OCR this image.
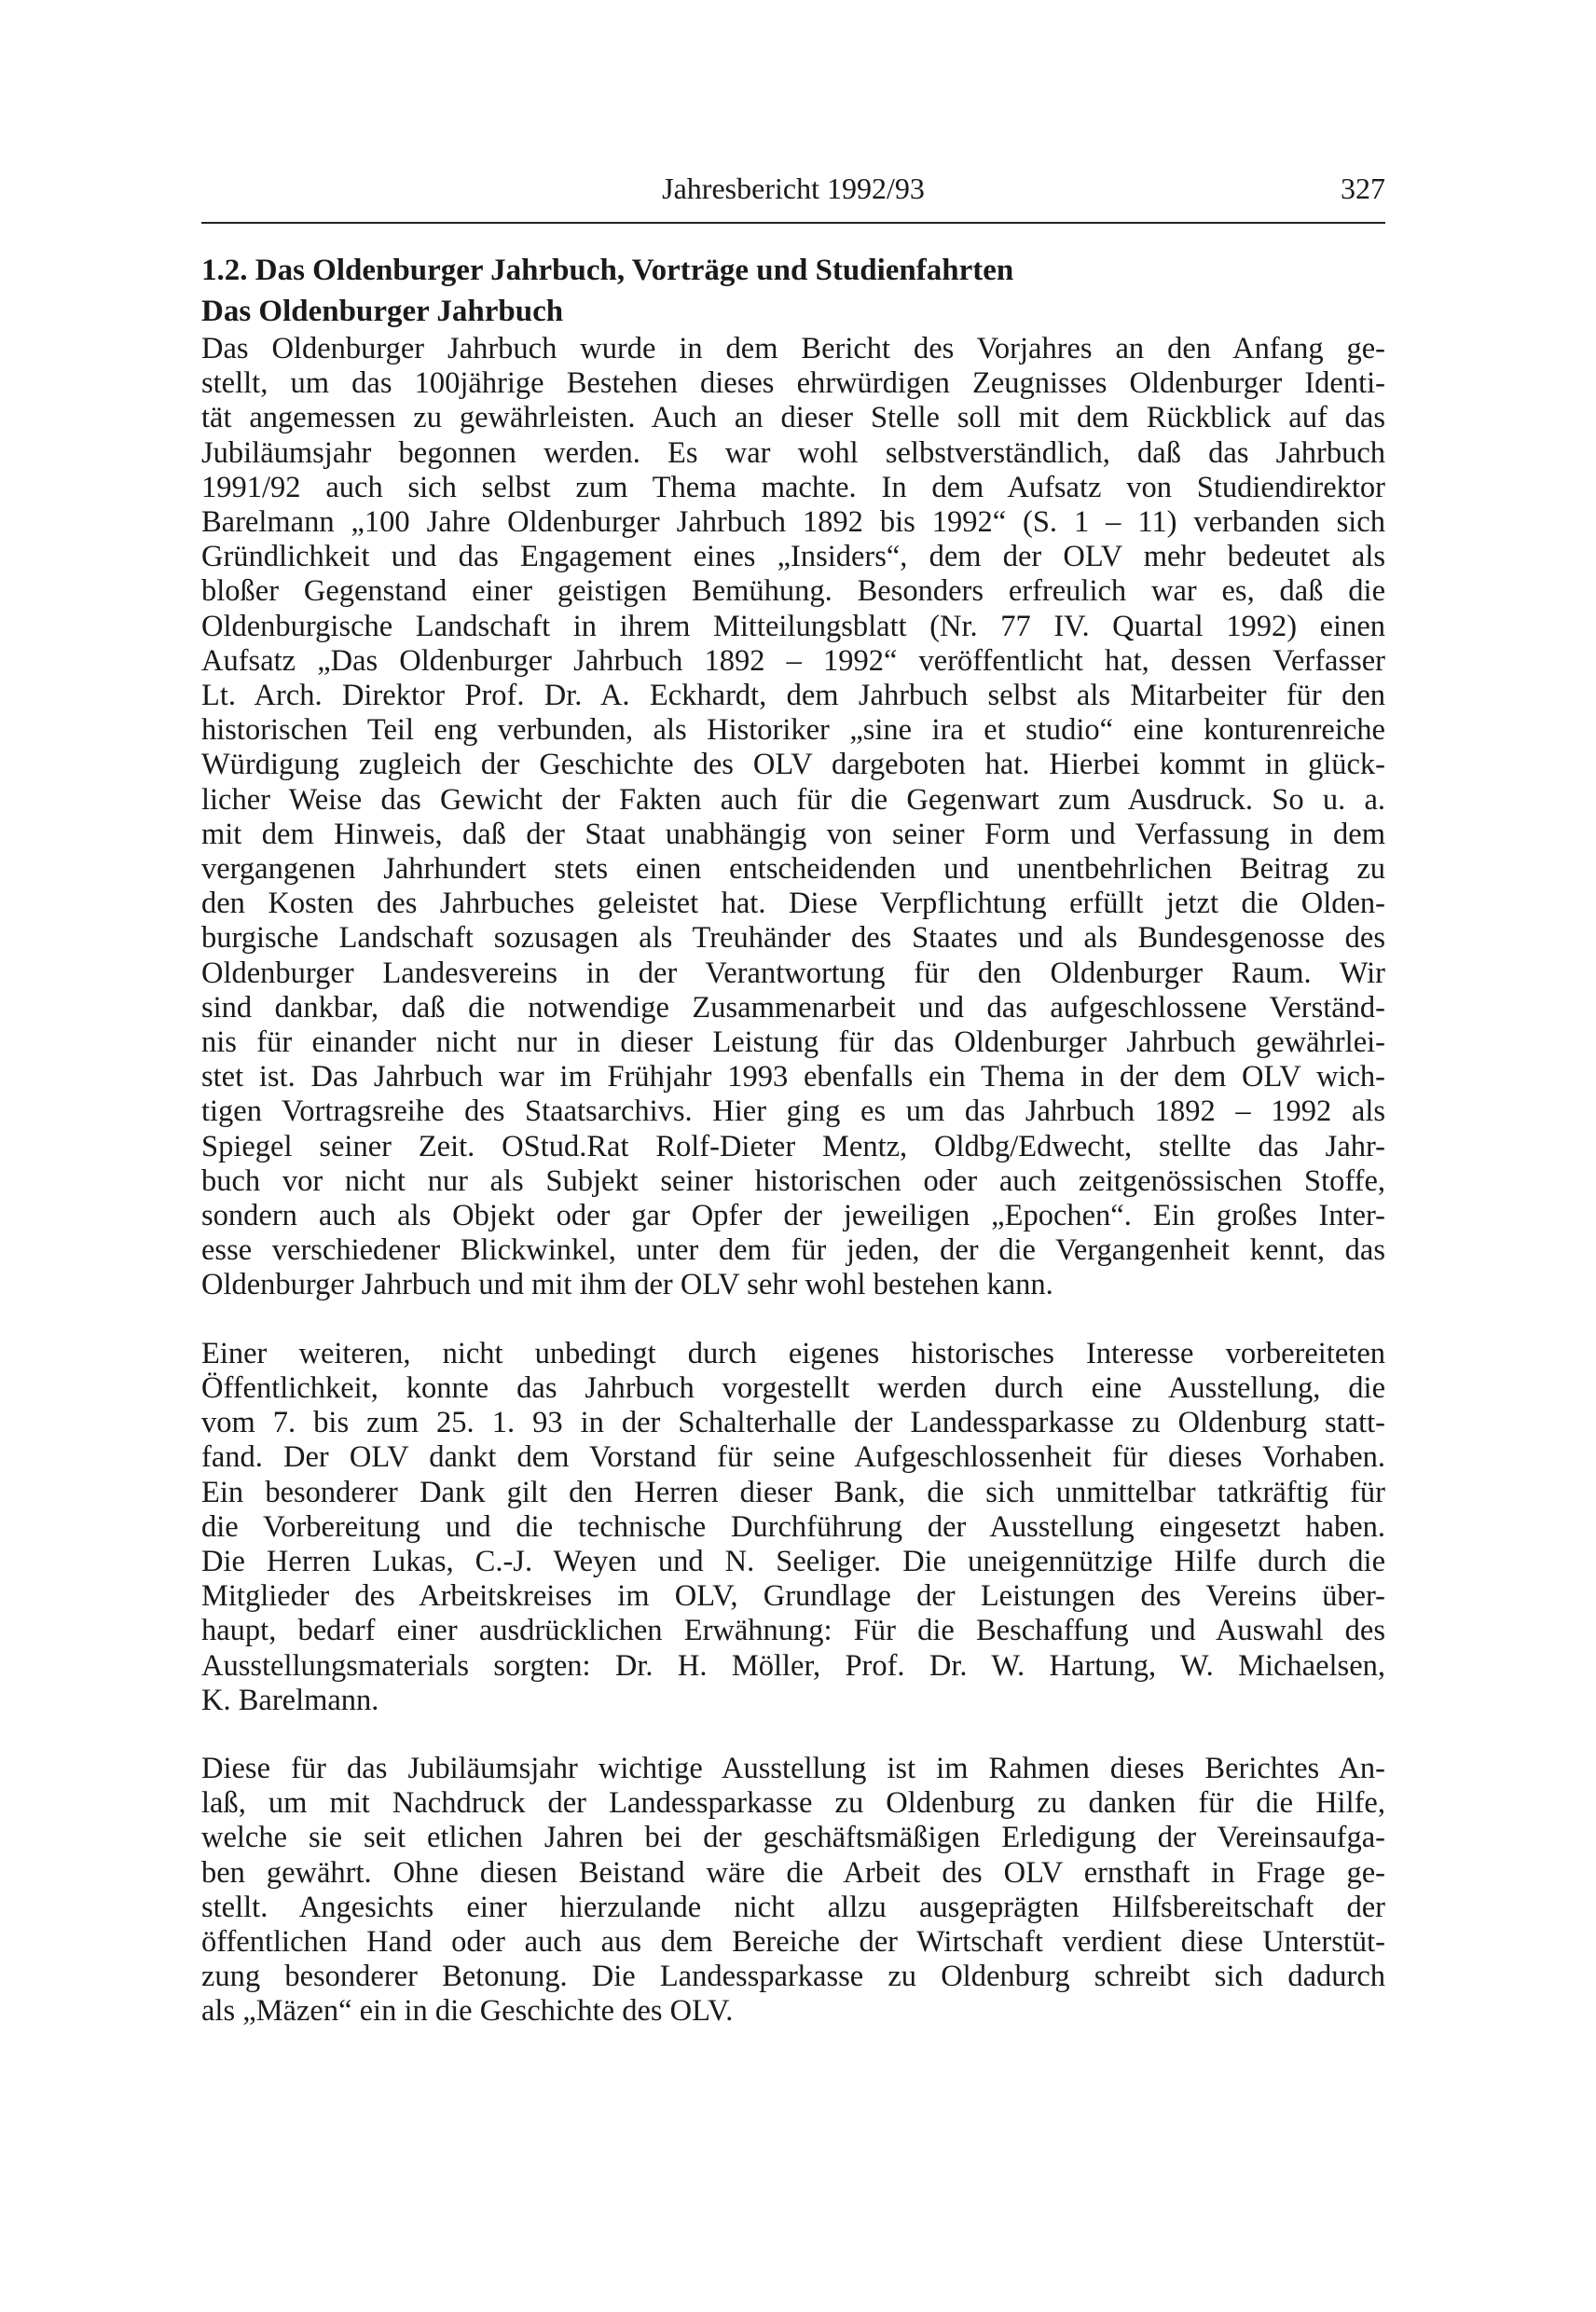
Jahresbericht 1992/93	327
1.2. Das Oldenburger Jahrbuch, Vorträge und Studienfahrten
Das Oldenburger Jahrbuch

Das Oldenburger Jahrbuch wurde in dem Bericht des Vorjahres an den Anfang ge-
stellt, um das 100jährige Bestehen dieses ehrwürdigen Zeugnisses Oldenburger Identi-
tät angemessen zu gewährleisten. Auch an dieser Stelle soll mit dem Rückblick auf das
Jubiläumsjahr begonnen werden. Es war wohl selbstverständlich, daß das Jahrbuch
1991/92 auch sich selbst zum Thema machte. In dem Aufsatz von Studiendirektor
Barelmann „100 Jahre Oldenburger Jahrbuch 1892 bis 1992“ (S. 1 – 11) verbanden sich
Gründlichkeit und das Engagement eines „Insiders“, dem der OLV mehr bedeutet als
bloßer Gegenstand einer geistigen Bemühung. Besonders erfreulich war es, daß die
Oldenburgische Landschaft in ihrem Mitteilungsblatt (Nr. 77 IV. Quartal 1992) einen
Aufsatz „Das Oldenburger Jahrbuch 1892 – 1992“ veröffentlicht hat, dessen Verfasser
Lt. Arch. Direktor Prof. Dr. A. Eckhardt, dem Jahrbuch selbst als Mitarbeiter für den
historischen Teil eng verbunden, als Historiker „sine ira et studio“ eine konturenreiche
Würdigung zugleich der Geschichte des OLV dargeboten hat. Hierbei kommt in glück-
licher Weise das Gewicht der Fakten auch für die Gegenwart zum Ausdruck. So u. a.
mit dem Hinweis, daß der Staat unabhängig von seiner Form und Verfassung in dem
vergangenen Jahrhundert stets einen entscheidenden und unentbehrlichen Beitrag zu
den Kosten des Jahrbuches geleistet hat. Diese Verpflichtung erfüllt jetzt die Olden-
burgische Landschaft sozusagen als Treuhänder des Staates und als Bundesgenosse des
Oldenburger Landesvereins in der Verantwortung für den Oldenburger Raum. Wir
sind dankbar, daß die notwendige Zusammenarbeit und das aufgeschlossene Verständ-
nis für einander nicht nur in dieser Leistung für das Oldenburger Jahrbuch gewährlei-
stet ist. Das Jahrbuch war im Frühjahr 1993 ebenfalls ein Thema in der dem OLV wich-
tigen Vortragsreihe des Staatsarchivs. Hier ging es um das Jahrbuch 1892 – 1992 als
Spiegel seiner Zeit. OStud.Rat Rolf-Dieter Mentz, Oldbg/Edwecht, stellte das Jahr-
buch vor nicht nur als Subjekt seiner historischen oder auch zeitgenössischen Stoffe,
sondern auch als Objekt oder gar Opfer der jeweiligen „Epochen“. Ein großes Inter-
esse verschiedener Blickwinkel, unter dem für jeden, der die Vergangenheit kennt, das
Oldenburger Jahrbuch und mit ihm der OLV sehr wohl bestehen kann.

Einer weiteren, nicht unbedingt durch eigenes historisches Interesse vorbereiteten
Öffentlichkeit, konnte das Jahrbuch vorgestellt werden durch eine Ausstellung, die
vom 7. bis zum 25. 1. 93 in der Schalterhalle der Landessparkasse zu Oldenburg statt-
fand. Der OLV dankt dem Vorstand für seine Aufgeschlossenheit für dieses Vorhaben.
Ein besonderer Dank gilt den Herren dieser Bank, die sich unmittelbar tatkräftig für
die Vorbereitung und die technische Durchführung der Ausstellung eingesetzt haben.
Die Herren Lukas, C.-J. Weyen und N. Seeliger. Die uneigennützige Hilfe durch die
Mitglieder des Arbeitskreises im OLV, Grundlage der Leistungen des Vereins über-
haupt, bedarf einer ausdrücklichen Erwähnung: Für die Beschaffung und Auswahl des
Ausstellungsmaterials sorgten: Dr. H. Möller, Prof. Dr. W. Hartung, W. Michaelsen,
K. Barelmann.

Diese für das Jubiläumsjahr wichtige Ausstellung ist im Rahmen dieses Berichtes An-
laß, um mit Nachdruck der Landessparkasse zu Oldenburg zu danken für die Hilfe,
welche sie seit etlichen Jahren bei der geschäftsmäßigen Erledigung der Vereinsaufga-
ben gewährt. Ohne diesen Beistand wäre die Arbeit des OLV ernsthaft in Frage ge-
stellt. Angesichts einer hierzulande nicht allzu ausgeprägten Hilfsbereitschaft der
öffentlichen Hand oder auch aus dem Bereiche der Wirtschaft verdient diese Unterstüt-
zung besonderer Betonung. Die Landessparkasse zu Oldenburg schreibt sich dadurch
als „Mäzen“ ein in die Geschichte des OLV.
